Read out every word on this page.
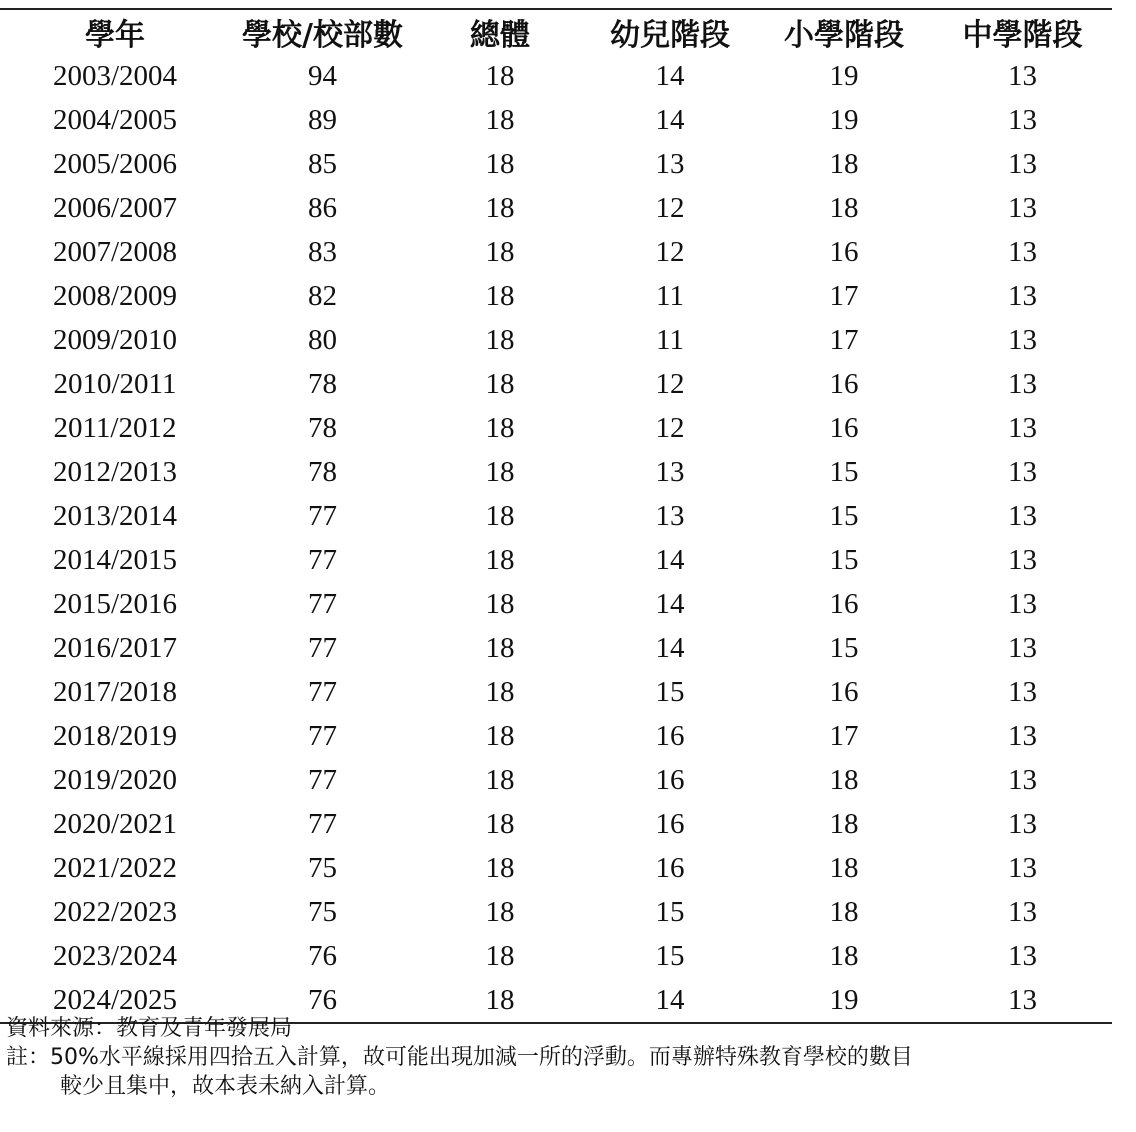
學年	學校/校部數	總體	幼兒階段	小學階段	中學階段
2003/2004	94	18	14	19	13
2004/2005	89	18	14	19	13
2005/2006	85	18	13	18	13
2006/2007	86	18	12	18	13
2007/2008	83	18	12	16	13
2008/2009	82	18	11	17	13
2009/2010	80	18	11	17	13
2010/2011	78	18	12	16	13
2011/2012	78	18	12	16	13
2012/2013	78	18	13	15	13
2013/2014	77	18	13	15	13
2014/2015	77	18	14	15	13
2015/2016	77	18	14	16	13
2016/2017	77	18	14	15	13
2017/2018	77	18	15	16	13
2018/2019	77	18	16	17	13
2019/2020	77	18	16	18	13
2020/2021	77	18	16	18	13
2021/2022	75	18	16	18	13
2022/2023	75	18	15	18	13
2023/2024	76	18	15	18	13
2024/2025	76	18	14	19	13
資料來源：教育及青年發展局
註：50%水平線採用四拾五入計算，故可能出現加減一所的浮動。而專辦特殊教育學校的數目
較少且集中，故本表未納入計算。
